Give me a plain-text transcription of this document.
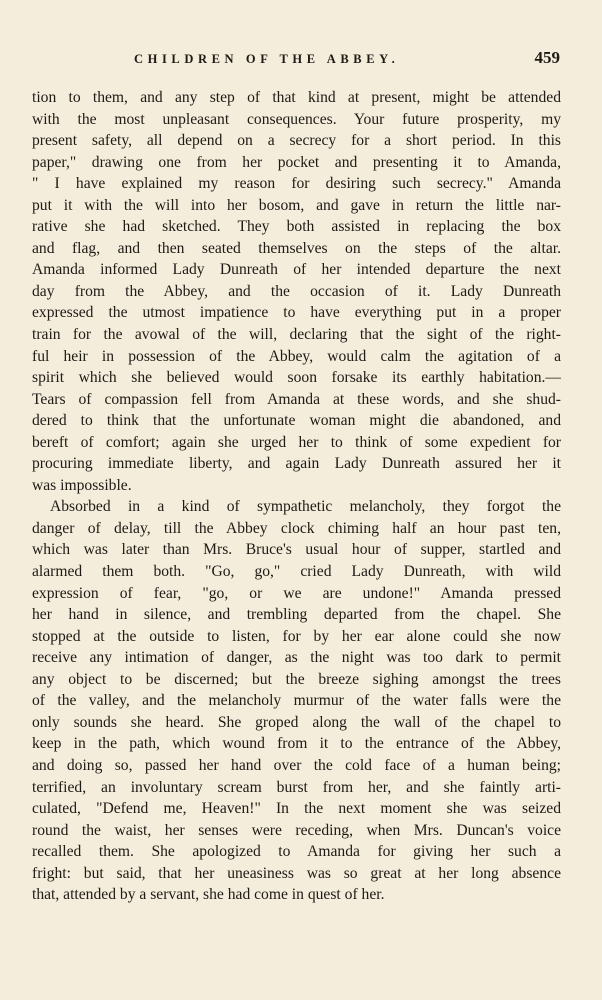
CHILDREN OF THE ABBEY.	459
tion to them, and any step of that kind at present, might be attended
with the most unpleasant consequences. Your future prosperity, my
present safety, all depend on a secrecy for a short period. In this
paper," drawing one from her pocket and presenting it to Amanda,
" I have explained my reason for desiring such secrecy." Amanda
put it with the will into her bosom, and gave in return the little nar-
rative she had sketched. They both assisted in replacing the box
and flag, and then seated themselves on the steps of the altar.
Amanda informed Lady Dunreath of her intended departure the next
day from the Abbey, and the occasion of it. Lady Dunreath
expressed the utmost impatience to have everything put in a proper
train for the avowal of the will, declaring that the sight of the right-
ful heir in possession of the Abbey, would calm the agitation of a
spirit which she believed would soon forsake its earthly habitation.—
Tears of compassion fell from Amanda at these words, and she shud-
dered to think that the unfortunate woman might die abandoned, and
bereft of comfort; again she urged her to think of some expedient for
procuring immediate liberty, and again Lady Dunreath assured her it
was impossible.
Absorbed in a kind of sympathetic melancholy, they forgot the
danger of delay, till the Abbey clock chiming half an hour past ten,
which was later than Mrs. Bruce's usual hour of supper, startled and
alarmed them both. "Go, go," cried Lady Dunreath, with wild
expression of fear, "go, or we are undone!" Amanda pressed
her hand in silence, and trembling departed from the chapel. She
stopped at the outside to listen, for by her ear alone could she now
receive any intimation of danger, as the night was too dark to permit
any object to be discerned; but the breeze sighing amongst the trees
of the valley, and the melancholy murmur of the water falls were the
only sounds she heard. She groped along the wall of the chapel to
keep in the path, which wound from it to the entrance of the Abbey,
and doing so, passed her hand over the cold face of a human being;
terrified, an involuntary scream burst from her, and she faintly arti-
culated, "Defend me, Heaven!" In the next moment she was seized
round the waist, her senses were receding, when Mrs. Duncan's voice
recalled them. She apologized to Amanda for giving her such a
fright: but said, that her uneasiness was so great at her long absence
that, attended by a servant, she had come in quest of her.
